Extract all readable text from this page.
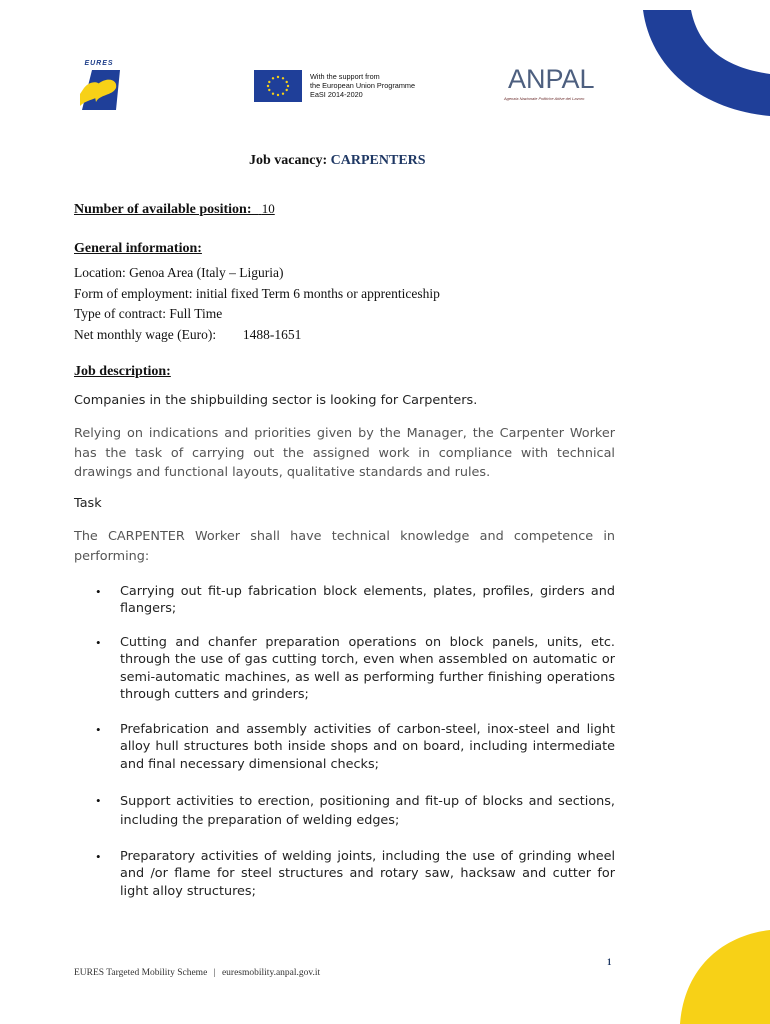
EURES
With the support from
the European Union Programme
EaSI 2014-2020
ANPAL
Agenzia Nazionale Politiche Attive del Lavoro
Job vacancy: CARPENTERS
Number of available position: 10
General information:
Location: Genoa Area (Italy – Liguria)
Form of employment: initial fixed Term 6 months or apprenticeship
Type of contract: Full Time
Net monthly wage (Euro): 1488-1651
Job description:
Companies in the shipbuilding sector is looking for Carpenters.
Relying on indications and priorities given by the Manager, the Carpenter Worker has the task of carrying out the assigned work in compliance with technical drawings and functional layouts, qualitative standards and rules.
Task
The CARPENTER Worker shall have technical knowledge and competence in performing:
• Carrying out fit-up fabrication block elements, plates, profiles, girders and flangers;
• Cutting and chanfer preparation operations on block panels, units, etc. through the use of gas cutting torch, even when assembled on automatic or semi-automatic machines, as well as performing further finishing operations through cutters and grinders;
• Prefabrication and assembly activities of carbon-steel, inox-steel and light alloy hull structures both inside shops and on board, including intermediate and final necessary dimensional checks;
• Support activities to erection, positioning and fit-up of blocks and sections, including the preparation of welding edges;
• Preparatory activities of welding joints, including the use of grinding wheel and /or flame for steel structures and rotary saw, hacksaw and cutter for light alloy structures;
1
EURES Targeted Mobility Scheme | euresmobility.anpal.gov.it
